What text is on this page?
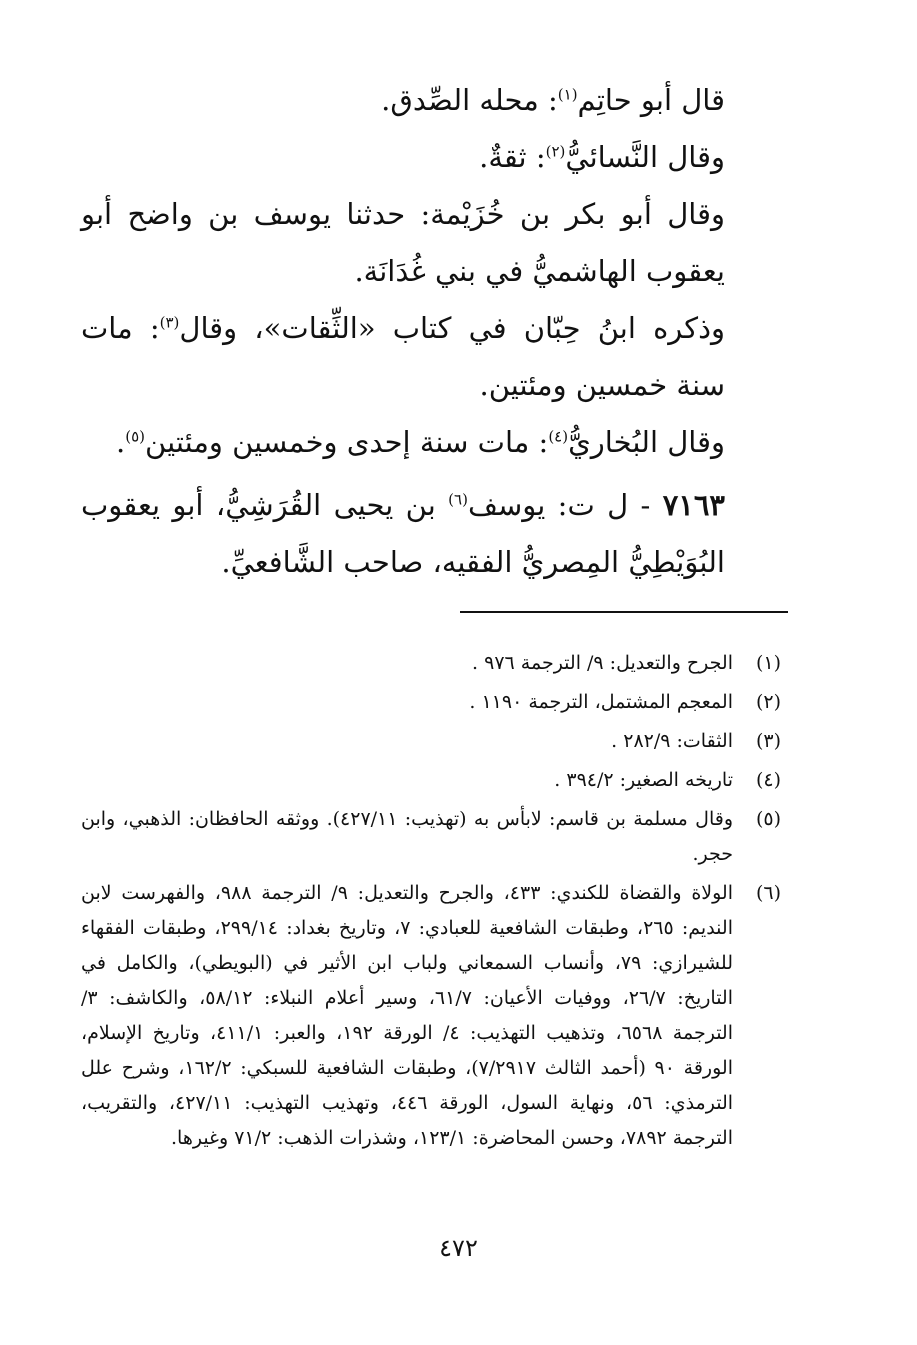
قال أبو حاتِم$^{(١)}$: محله الصِّدق.

وقال النَّسائيُّ$^{(٢)}$: ثقةٌ.

وقال أبو بكر بن خُزَيْمة: حدثنا يوسف بن واضح أبو يعقوب الهاشميُّ في بني غُدَانَة.

وذكره ابنُ حِبّان في كتاب «الثِّقات»، وقال$^{(٣)}$: مات سنة خمسين ومئتين.

وقال البُخاريُّ$^{(٤)}$: مات سنة إحدى وخمسين ومئتين$^{(٥)}$.

٧١٦٣ - ل ت: يوسف$^{(٦)}$ بن يحيى القُرَشِيُّ، أبو يعقوب البُوَيْطِيُّ المِصريُّ الفقيه، صاحب الشَّافعيِّ.

(١)
الجرح والتعديل: ٩/ الترجمة ٩٧٦ .
(٢)
المعجم المشتمل، الترجمة ١١٩٠ .
(٣)
الثقات: ٢٨٢/٩ .
(٤)
تاريخه الصغير: ٣٩٤/٢ .
(٥)
وقال مسلمة بن قاسم: لابأس به (تهذيب: ٤٢٧/١١). ووثقه الحافظان: الذهبي، وابن حجر.
(٦)
الولاة والقضاة للكندي: ٤٣٣، والجرح والتعديل: ٩/ الترجمة ٩٨٨، والفهرست لابن النديم: ٢٦٥، وطبقات الشافعية للعبادي: ٧، وتاريخ بغداد: ٢٩٩/١٤، وطبقات الفقهاء للشيرازي: ٧٩، وأنساب السمعاني ولباب ابن الأثير في (البويطي)، والكامل في التاريخ: ٢٦/٧، ووفيات الأعيان: ٦١/٧، وسير أعلام النبلاء: ٥٨/١٢، والكاشف: ٣/ الترجمة ٦٥٦٨، وتذهيب التهذيب: ٤/ الورقة ١٩٢، والعبر: ٤١١/١، وتاريخ الإسلام، الورقة ٩٠ (أحمد الثالث ٧/٢٩١٧)، وطبقات الشافعية للسبكي: ١٦٢/٢، وشرح علل الترمذي: ٥٦، ونهاية السول، الورقة ٤٤٦، وتهذيب التهذيب: ٤٢٧/١١، والتقريب، الترجمة ٧٨٩٢، وحسن المحاضرة: ١٢٣/١، وشذرات الذهب: ٧١/٢ وغيرها.
٤٧٢
